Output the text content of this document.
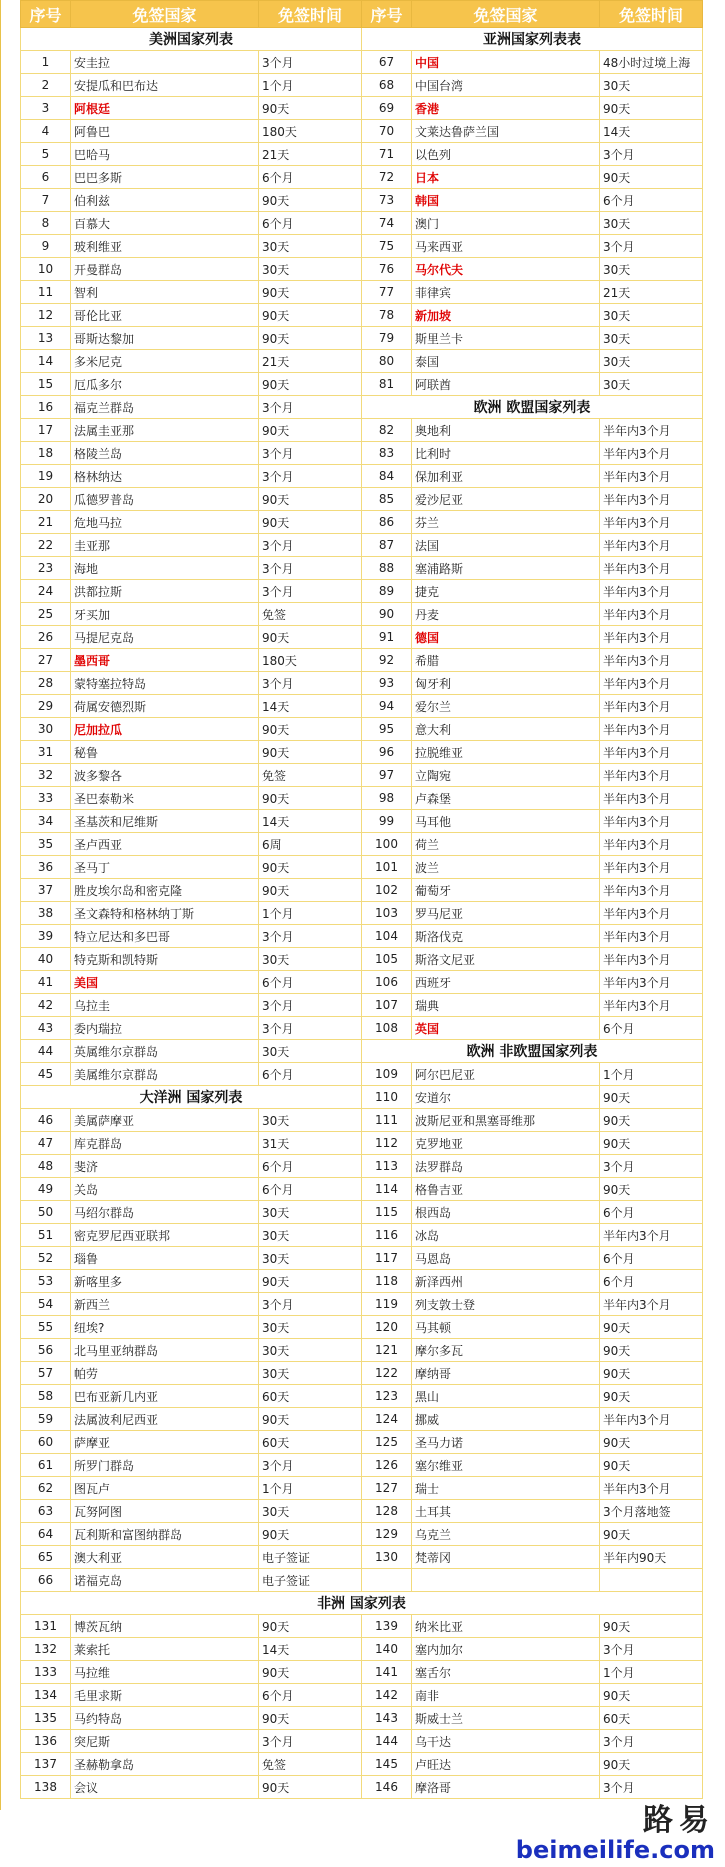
序号	免签国家	免签时间	序号	免签国家	免签时间
美洲国家列表			亚洲国家列表表		
1	安圭拉	3个月	67	中国	48小时过境上海
2	安提瓜和巴布达	1个月	68	中国台湾	30天
3	阿根廷	90天	69	香港	90天
4	阿鲁巴	180天	70	文莱达鲁萨兰国	14天
5	巴哈马	21天	71	以色列	3个月
6	巴巴多斯	6个月	72	日本	90天
7	伯利兹	90天	73	韩国	6个月
8	百慕大	6个月	74	澳门	30天
9	玻利维亚	30天	75	马来西亚	3个月
10	开曼群岛	30天	76	马尔代夫	30天
11	智利	90天	77	菲律宾	21天
12	哥伦比亚	90天	78	新加坡	30天
13	哥斯达黎加	90天	79	斯里兰卡	30天
14	多米尼克	21天	80	泰国	30天
15	厄瓜多尔	90天	81	阿联酋	30天
16	福克兰群岛	3个月	欧洲 欧盟国家列表		
17	法属圭亚那	90天	82	奥地利	半年内3个月
18	格陵兰岛	3个月	83	比利时	半年内3个月
19	格林纳达	3个月	84	保加利亚	半年内3个月
20	瓜德罗普岛	90天	85	爱沙尼亚	半年内3个月
21	危地马拉	90天	86	芬兰	半年内3个月
22	圭亚那	3个月	87	法国	半年内3个月
23	海地	3个月	88	塞浦路斯	半年内3个月
24	洪都拉斯	3个月	89	捷克	半年内3个月
25	牙买加	免签	90	丹麦	半年内3个月
26	马提尼克岛	90天	91	德国	半年内3个月
27	墨西哥	180天	92	希腊	半年内3个月
28	蒙特塞拉特岛	3个月	93	匈牙利	半年内3个月
29	荷属安德烈斯	14天	94	爱尔兰	半年内3个月
30	尼加拉瓜	90天	95	意大利	半年内3个月
31	秘鲁	90天	96	拉脱维亚	半年内3个月
32	波多黎各	免签	97	立陶宛	半年内3个月
33	圣巴泰勒米	90天	98	卢森堡	半年内3个月
34	圣基茨和尼维斯	14天	99	马耳他	半年内3个月
35	圣卢西亚	6周	100	荷兰	半年内3个月
36	圣马丁	90天	101	波兰	半年内3个月
37	胜皮埃尔岛和密克隆	90天	102	葡萄牙	半年内3个月
38	圣文森特和格林纳丁斯	1个月	103	罗马尼亚	半年内3个月
39	特立尼达和多巴哥	3个月	104	斯洛伐克	半年内3个月
40	特克斯和凯特斯	30天	105	斯洛文尼亚	半年内3个月
41	美国	6个月	106	西班牙	半年内3个月
42	乌拉圭	3个月	107	瑞典	半年内3个月
43	委内瑞拉	3个月	108	英国	6个月
44	英属维尔京群岛	30天	欧洲 非欧盟国家列表		
45	美属维尔京群岛	6个月	109	阿尔巴尼亚	1个月
大洋洲 国家列表			110	安道尔	90天
46	美属萨摩亚	30天	111	波斯尼亚和黑塞哥维那	90天
47	库克群岛	31天	112	克罗地亚	90天
48	斐济	6个月	113	法罗群岛	3个月
49	关岛	6个月	114	格鲁吉亚	90天
50	马绍尔群岛	30天	115	根西岛	6个月
51	密克罗尼西亚联邦	30天	116	冰岛	半年内3个月
52	瑙鲁	30天	117	马恩岛	6个月
53	新喀里多	90天	118	新泽西州	6个月
54	新西兰	3个月	119	列支敦士登	半年内3个月
55	纽埃?	30天	120	马其顿	90天
56	北马里亚纳群岛	30天	121	摩尔多瓦	90天
57	帕劳	30天	122	摩纳哥	90天
58	巴布亚新几内亚	60天	123	黑山	90天
59	法属波利尼西亚	90天	124	挪威	半年内3个月
60	萨摩亚	60天	125	圣马力诺	90天
61	所罗门群岛	3个月	126	塞尔维亚	90天
62	图瓦卢	1个月	127	瑞士	半年内3个月
63	瓦努阿图	30天	128	土耳其	3个月落地签
64	瓦利斯和富图纳群岛	90天	129	乌克兰	90天
65	澳大利亚	电子签证	130	梵蒂冈	半年内90天
66	诺福克岛	电子签证			
非洲 国家列表					
131	博茨瓦纳	90天	139	纳米比亚	90天
132	莱索托	14天	140	塞内加尔	3个月
133	马拉维	90天	141	塞舌尔	1个月
134	毛里求斯	6个月	142	南非	90天
135	马约特岛	90天	143	斯威士兰	60天
136	突尼斯	3个月	144	乌干达	3个月
137	圣赫勒拿岛	免签	145	卢旺达	90天
138	会议	90天	146	摩洛哥	3个月
路易
beimeilife.com
